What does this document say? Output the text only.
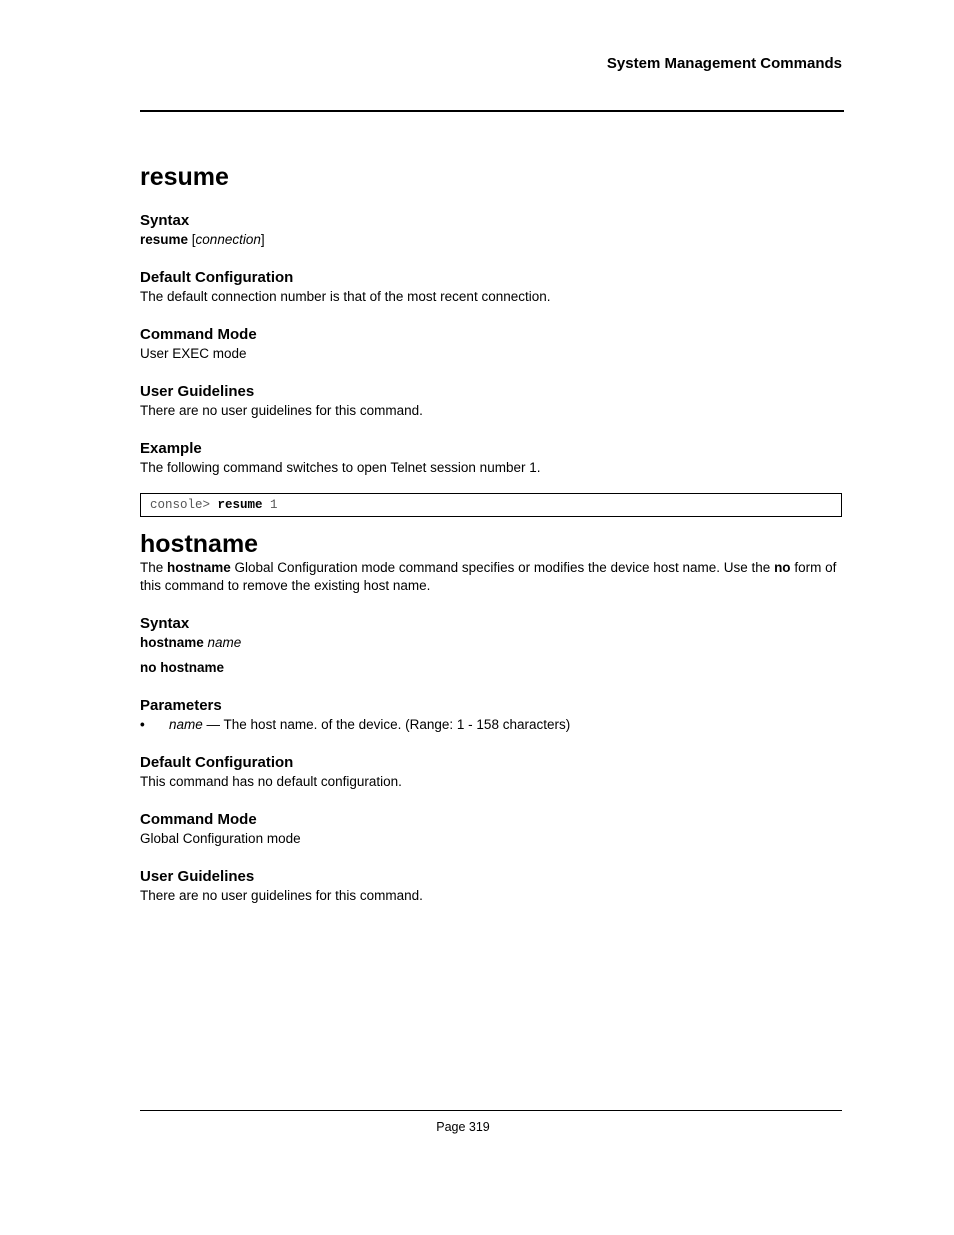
System Management Commands
resume
Syntax

resume [connection]

Default Configuration

The default connection number is that of the most recent connection.

Command Mode

User EXEC mode

User Guidelines

There are no user guidelines for this command.

Example

The following command switches to open Telnet session number 1.

console> resume 1
hostname

The hostname Global Configuration mode command specifies or modifies the device host name. Use the no form of this command to remove the existing host name.

Syntax

hostname name

no hostname

Parameters
•	name — The host name. of the device. (Range: 1 - 158 characters)
Default Configuration

This command has no default configuration.

Command Mode

Global Configuration mode

User Guidelines

There are no user guidelines for this command.

Page 319
